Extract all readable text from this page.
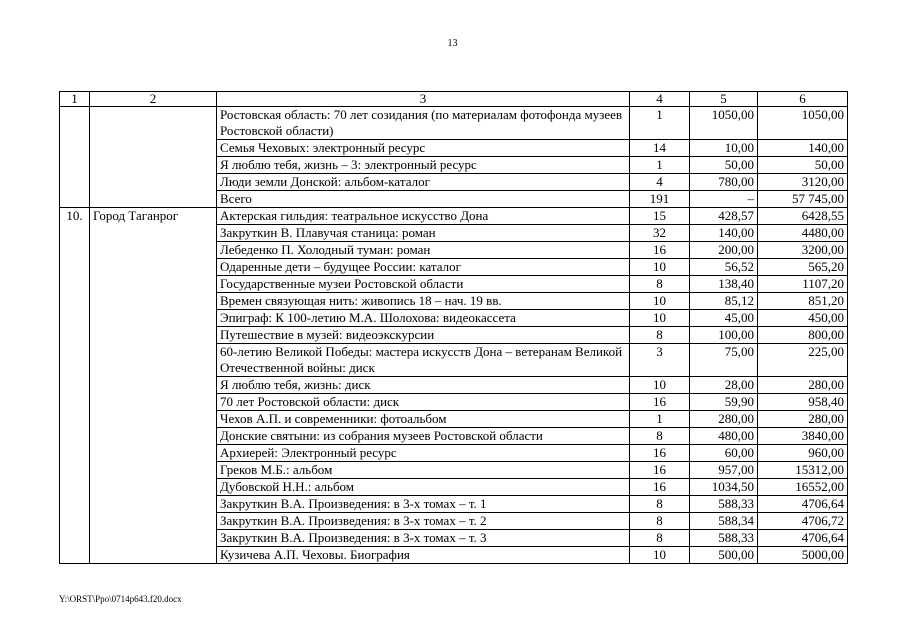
13
1	2	3	4	5	6
		Ростовская область: 70 лет созидания (по материалам фотофонда музеев Ростовской области)	1	1050,00	1050,00
		Семья Чеховых: электронный ресурс	14	10,00	140,00
		Я люблю тебя, жизнь – 3: электронный ресурс	1	50,00	50,00
		Люди земли Донской: альбом-каталог	4	780,00	3120,00
		Всего	191	–	57 745,00
10.	Город Таганрог	Актерская гильдия: театральное искусство Дона	15	428,57	6428,55
		Закруткин В. Плавучая станица: роман	32	140,00	4480,00
		Лебеденко П. Холодный туман: роман	16	200,00	3200,00
		Одаренные дети – будущее России: каталог	10	56,52	565,20
		Государственные музеи Ростовской области	8	138,40	1107,20
		Времен связующая нить: живопись 18 – нач. 19 вв.	10	85,12	851,20
		Эпиграф: К 100-летию М.А. Шолохова: видеокассета	10	45,00	450,00
		Путешествие в музей: видеоэкскурсии	8	100,00	800,00
		60-летию Великой Победы: мастера искусств Дона – ветеранам Великой Отечественной войны: диск	3	75,00	225,00
		Я люблю тебя, жизнь: диск	10	28,00	280,00
		70 лет Ростовской области: диск	16	59,90	958,40
		Чехов А.П. и современники: фотоальбом	1	280,00	280,00
		Донские святыни: из собрания музеев Ростовской области	8	480,00	3840,00
		Архиерей: Электронный ресурс	16	60,00	960,00
		Греков М.Б.: альбом	16	957,00	15312,00
		Дубовской Н.Н.: альбом	16	1034,50	16552,00
		Закруткин В.А. Произведения: в 3-х томах – т. 1	8	588,33	4706,64
		Закруткин В.А. Произведения: в 3-х томах – т. 2	8	588,34	4706,72
		Закруткин В.А. Произведения: в 3-х томах – т. 3	8	588,33	4706,64
		Кузичева А.П. Чеховы. Биография	10	500,00	5000,00
Y:\ORST\Ppo\0714p643.f20.docx
